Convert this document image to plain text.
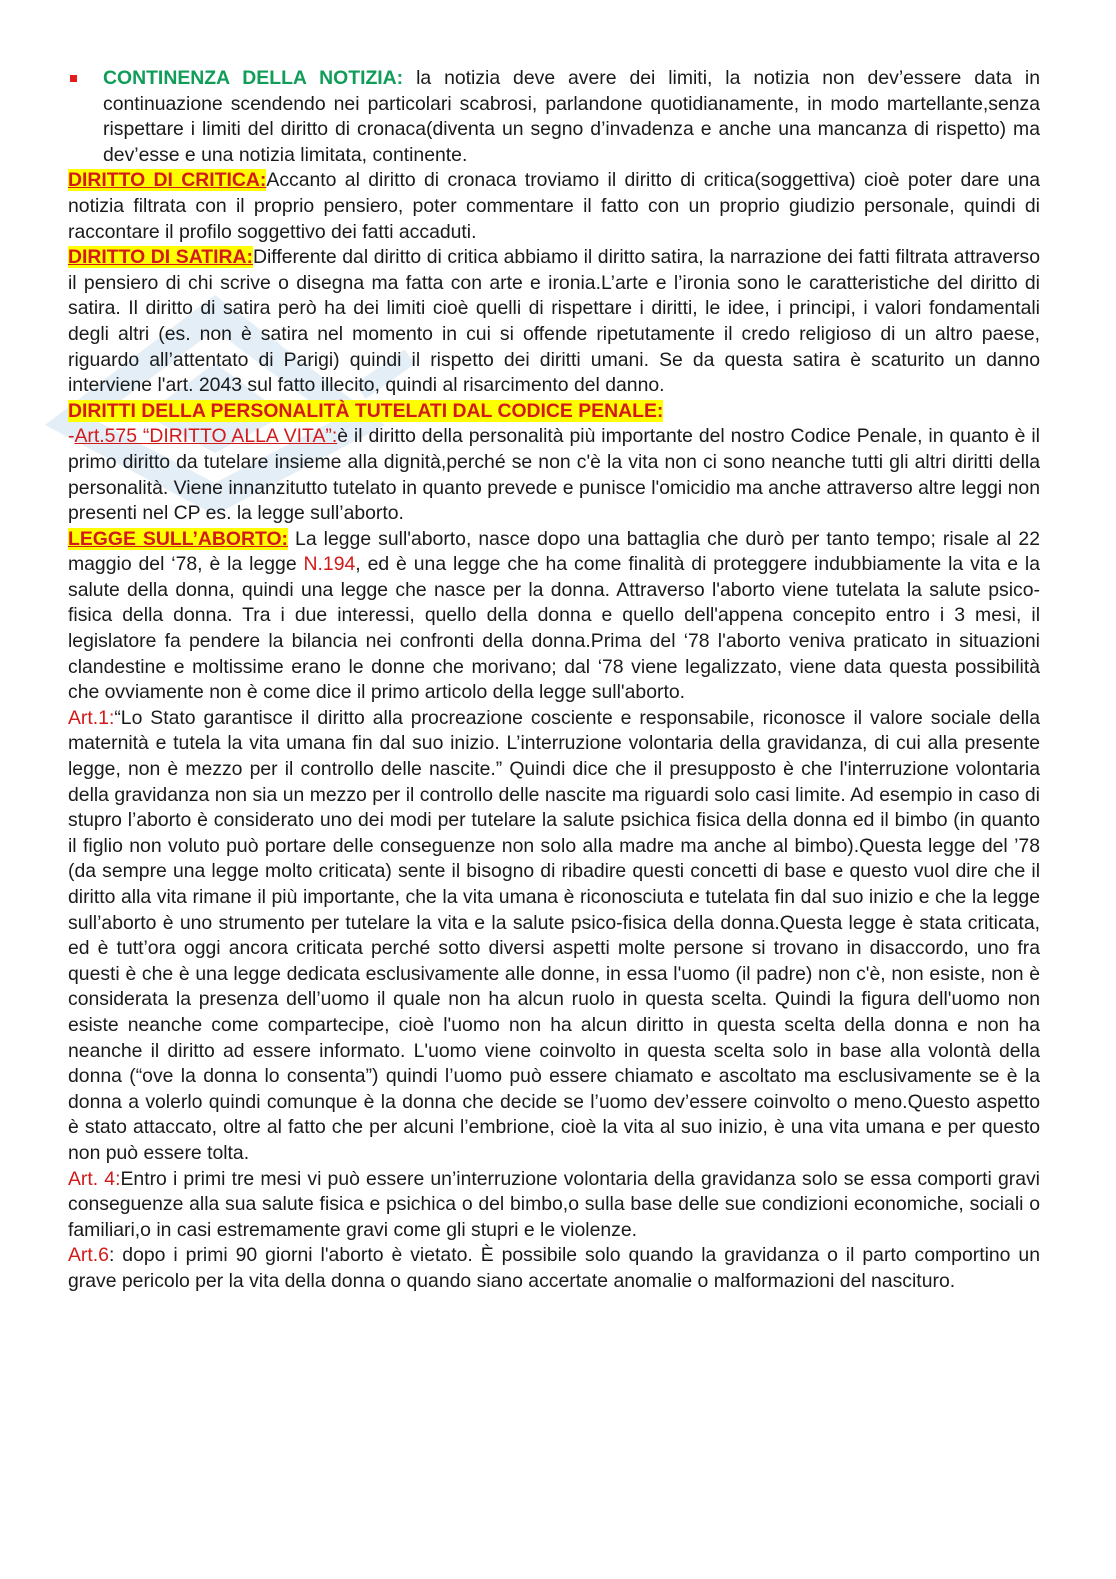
CONTINENZA DELLA NOTIZIA: la notizia deve avere dei limiti, la notizia non dev’essere data in continuazione scendendo nei particolari scabrosi, parlandone quotidianamente, in modo martellante,senza rispettare i limiti del diritto di cronaca(diventa un segno d’invadenza e anche una mancanza di rispetto) ma dev’esse e una notizia limitata, continente.

DIRITTO DI CRITICA:Accanto al diritto di cronaca troviamo il diritto di critica(soggettiva) cioè poter dare una notizia filtrata con il proprio pensiero, poter commentare il fatto con un proprio giudizio personale, quindi di raccontare il profilo soggettivo dei fatti accaduti.

DIRITTO DI SATIRA:Differente dal diritto di critica abbiamo il diritto satira, la narrazione dei fatti filtrata attraverso il pensiero di chi scrive o disegna ma fatta con arte e ironia.L’arte e l’ironia sono le caratteristiche del diritto di satira. Il diritto di satira però ha dei limiti cioè quelli di rispettare i diritti, le idee, i principi, i valori fondamentali degli altri (es. non è satira nel momento in cui si offende ripetutamente il credo religioso di un altro paese, riguardo all’attentato di Parigi) quindi il rispetto dei diritti umani. Se da questa satira è scaturito un danno interviene l'art. 2043 sul fatto illecito, quindi al risarcimento del danno.

DIRITTI DELLA PERSONALITÀ TUTELATI DAL CODICE PENALE:

-Art.575 “DIRITTO ALLA VITA”:è il diritto della personalità più importante del nostro Codice Penale, in quanto è il primo diritto da tutelare insieme alla dignità,perché se non c'è la vita non ci sono neanche tutti gli altri diritti della personalità. Viene innanzitutto tutelato in quanto prevede e punisce l'omicidio ma anche attraverso altre leggi non presenti nel CP es. la legge sull’aborto.

LEGGE SULL’ABORTO: La legge sull'aborto, nasce dopo una battaglia che durò per tanto tempo; risale al 22 maggio del ‘78, è la legge N.194, ed è una legge che ha come finalità di proteggere indubbiamente la vita e la salute della donna, quindi una legge che nasce per la donna. Attraverso l'aborto viene tutelata la salute psico-fisica della donna. Tra i due interessi, quello della donna e quello dell'appena concepito entro i 3 mesi, il legislatore fa pendere la bilancia nei confronti della donna.Prima del ‘78 l'aborto veniva praticato in situazioni clandestine e moltissime erano le donne che morivano; dal ‘78 viene legalizzato, viene data questa possibilità che ovviamente non è come dice il primo articolo della legge sull'aborto.

Art.1:“Lo Stato garantisce il diritto alla procreazione cosciente e responsabile, riconosce il valore sociale della maternità e tutela la vita umana fin dal suo inizio. L’interruzione volontaria della gravidanza, di cui alla presente legge, non è mezzo per il controllo delle nascite.” Quindi dice che il presupposto è che l'interruzione volontaria della gravidanza non sia un mezzo per il controllo delle nascite ma riguardi solo casi limite. Ad esempio in caso di stupro l’aborto è considerato uno dei modi per tutelare la salute psichica fisica della donna ed il bimbo (in quanto il figlio non voluto può portare delle conseguenze non solo alla madre ma anche al bimbo).Questa legge del ’78 (da sempre una legge molto criticata) sente il bisogno di ribadire questi concetti di base e questo vuol dire che il diritto alla vita rimane il più importante, che la vita umana è riconosciuta e tutelata fin dal suo inizio e che la legge sull’aborto è uno strumento per tutelare la vita e la salute psico-fisica della donna.Questa legge è stata criticata, ed è tutt’ora oggi ancora criticata perché sotto diversi aspetti molte persone si trovano in disaccordo, uno fra questi è che è una legge dedicata esclusivamente alle donne, in essa l'uomo (il padre) non c'è, non esiste, non è considerata la presenza dell’uomo il quale non ha alcun ruolo in questa scelta. Quindi la figura dell'uomo non esiste neanche come compartecipe, cioè l'uomo non ha alcun diritto in questa scelta della donna e non ha neanche il diritto ad essere informato. L'uomo viene coinvolto in questa scelta solo in base alla volontà della donna (“ove la donna lo consenta”) quindi l’uomo può essere chiamato e ascoltato ma esclusivamente se è la donna a volerlo quindi comunque è la donna che decide se l’uomo dev’essere coinvolto o meno.Questo aspetto è stato attaccato, oltre al fatto che per alcuni l’embrione, cioè la vita al suo inizio, è una vita umana e per questo non può essere tolta.

Art. 4:Entro i primi tre mesi vi può essere un’interruzione volontaria della gravidanza solo se essa comporti gravi conseguenze alla sua salute fisica e psichica o del bimbo,o sulla base delle sue condizioni economiche, sociali o familiari,o in casi estremamente gravi come gli stupri e le violenze.

Art.6: dopo i primi 90 giorni l'aborto è vietato. È possibile solo quando la gravidanza o il parto comportino un grave pericolo per la vita della donna o quando siano accertate anomalie o malformazioni del nascituro.
